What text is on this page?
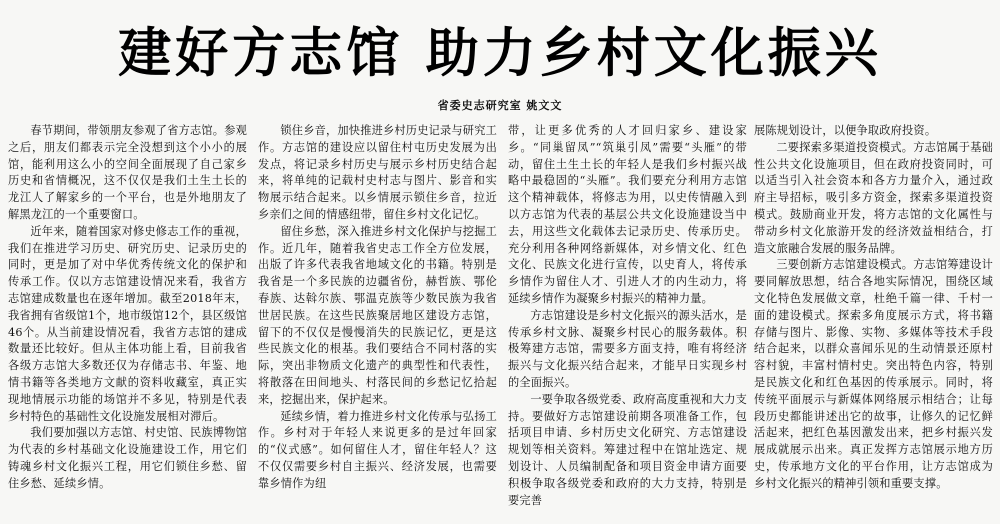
建好方志馆 助力乡村文化振兴
省委史志研究室 姚文文

春节期间，带领朋友参观了省方志馆。参观之后，朋友们都表示完全没想到这个小小的展馆，能利用这么小的空间全面展现了自己家乡历史和省情概况，这不仅仅是我们土生土长的龙江人了解家乡的一个平台，也是外地朋友了解黑龙江的一个重要窗口。

近年来，随着国家对修史修志工作的重视，我们在推进学习历史、研究历史、记录历史的同时，更是加了对中华优秀传统文化的保护和传承工作。仅以方志馆建设情况来看，我省方志馆建成数量也在逐年增加。截至2018年末，我省拥有省级馆1个，地市级馆12个，县区级馆46个。从当前建设情况看，我省方志馆的建成数量还比较好。但从主体功能上看，目前我省各级方志馆大多数还仅为存储志书、年鉴、地情书籍等各类地方文献的资料收藏室，真正实现地情展示功能的场馆并不多见，特别是代表乡村特色的基础性文化设施发展相对滞后。

我们要加强以方志馆、村史馆、民族博物馆为代表的乡村基础文化设施建设工作，用它们铸魂乡村文化振兴工程，用它们锁住乡愁、留住乡愁、延续乡情。

锁住乡音，加快推进乡村历史记录与研究工作。方志馆的建设应以留住村屯历史发展为出发点，将记录乡村历史与展示乡村历史结合起来，将单纯的记载村史村志与图片、影音和实物展示结合起来。以乡情展示锁住乡音，拉近乡亲们之间的情感纽带，留住乡村文化记忆。

留住乡愁，深入推进乡村文化保护与挖掘工作。近几年，随着我省史志工作全方位发展，出版了许多代表我省地域文化的书籍。特别是我省是一个多民族的边疆省份，赫哲族、鄂伦春族、达斡尔族、鄂温克族等少数民族为我省世居民族。在这些民族聚居地区建设方志馆，留下的不仅仅是慢慢消失的民族记忆，更是这些民族文化的根基。我们要结合不同村落的实际，突出非物质文化遗产的典型性和代表性，将散落在田间地头、村落民间的乡愁记忆拾起来，挖掘出来，保护起来。

延续乡情，着力推进乡村文化传承与弘扬工作。乡村对于年轻人来说更多的是过年回家的“仪式感”。如何留住人才，留住年轻人？这不仅仅需要乡村自主振兴、经济发展，也需要靠乡情作为纽

带，让更多优秀的人才回归家乡、建设家乡。“同巢留凤”“筑巢引凤”需要“头雁”的带动，留住土生土长的年轻人是我们乡村振兴战略中最稳固的“头雁”。我们要充分利用方志馆这个精神载体，将修志为用，以史传情融入到以方志馆为代表的基层公共文化设施建设当中去，用这些文化载体去记录历史、传承历史。充分利用各种网络新媒体，对乡情文化、红色文化、民族文化进行宣传，以史育人，将传承乡情作为留住人才、引进人才的内生动力，将延续乡情作为凝聚乡村振兴的精神力量。

方志馆建设是乡村文化振兴的源头活水，是传承乡村文脉、凝聚乡村民心的服务载体。积极筹建方志馆，需要多方面支持，唯有将经济振兴与文化振兴结合起来，才能早日实现乡村的全面振兴。

一要争取各级党委、政府高度重视和大力支持。要做好方志馆建设前期各项准备工作，包括项目申请、乡村历史文化研究、方志馆建设规划等相关资料。筹建过程中在馆址选定、规划设计、人员编制配备和项目资金申请方面要积极争取各级党委和政府的大力支持，特别是要完善

展陈规划设计，以便争取政府投资。

二要探索多渠道投资模式。方志馆属于基础性公共文化设施项目，但在政府投资同时，可以适当引入社会资本和各方力量介入，通过政府主导招标，吸引多方资金，探索多渠道投资模式。鼓励商业开发，将方志馆的文化属性与带动乡村文化旅游开发的经济效益相结合，打造文旅融合发展的服务品牌。

三要创新方志馆建设模式。方志馆筹建设计要同解放思想，结合各地实际情况，围绕区域文化特色发展做文章，杜绝千篇一律、千村一面的建设模式。探索多角度展示方式，将书籍存储与图片、影像、实物、多媒体等技术手段结合起来，以群众喜闻乐见的生动情景还原村容村貌，丰富村情村史。突出特色内容，特别是民族文化和红色基因的传承展示。同时，将传统平面展示与新媒体网络展示相结合；让每段历史都能讲述出它的故事，让修久的记忆鲜活起来，把红色基因激发出来，把乡村振兴发展成就展示出来。真正发挥方志馆展示地方历史，传承地方文化的平台作用，让方志馆成为乡村文化振兴的精神引领和重要支撑。
